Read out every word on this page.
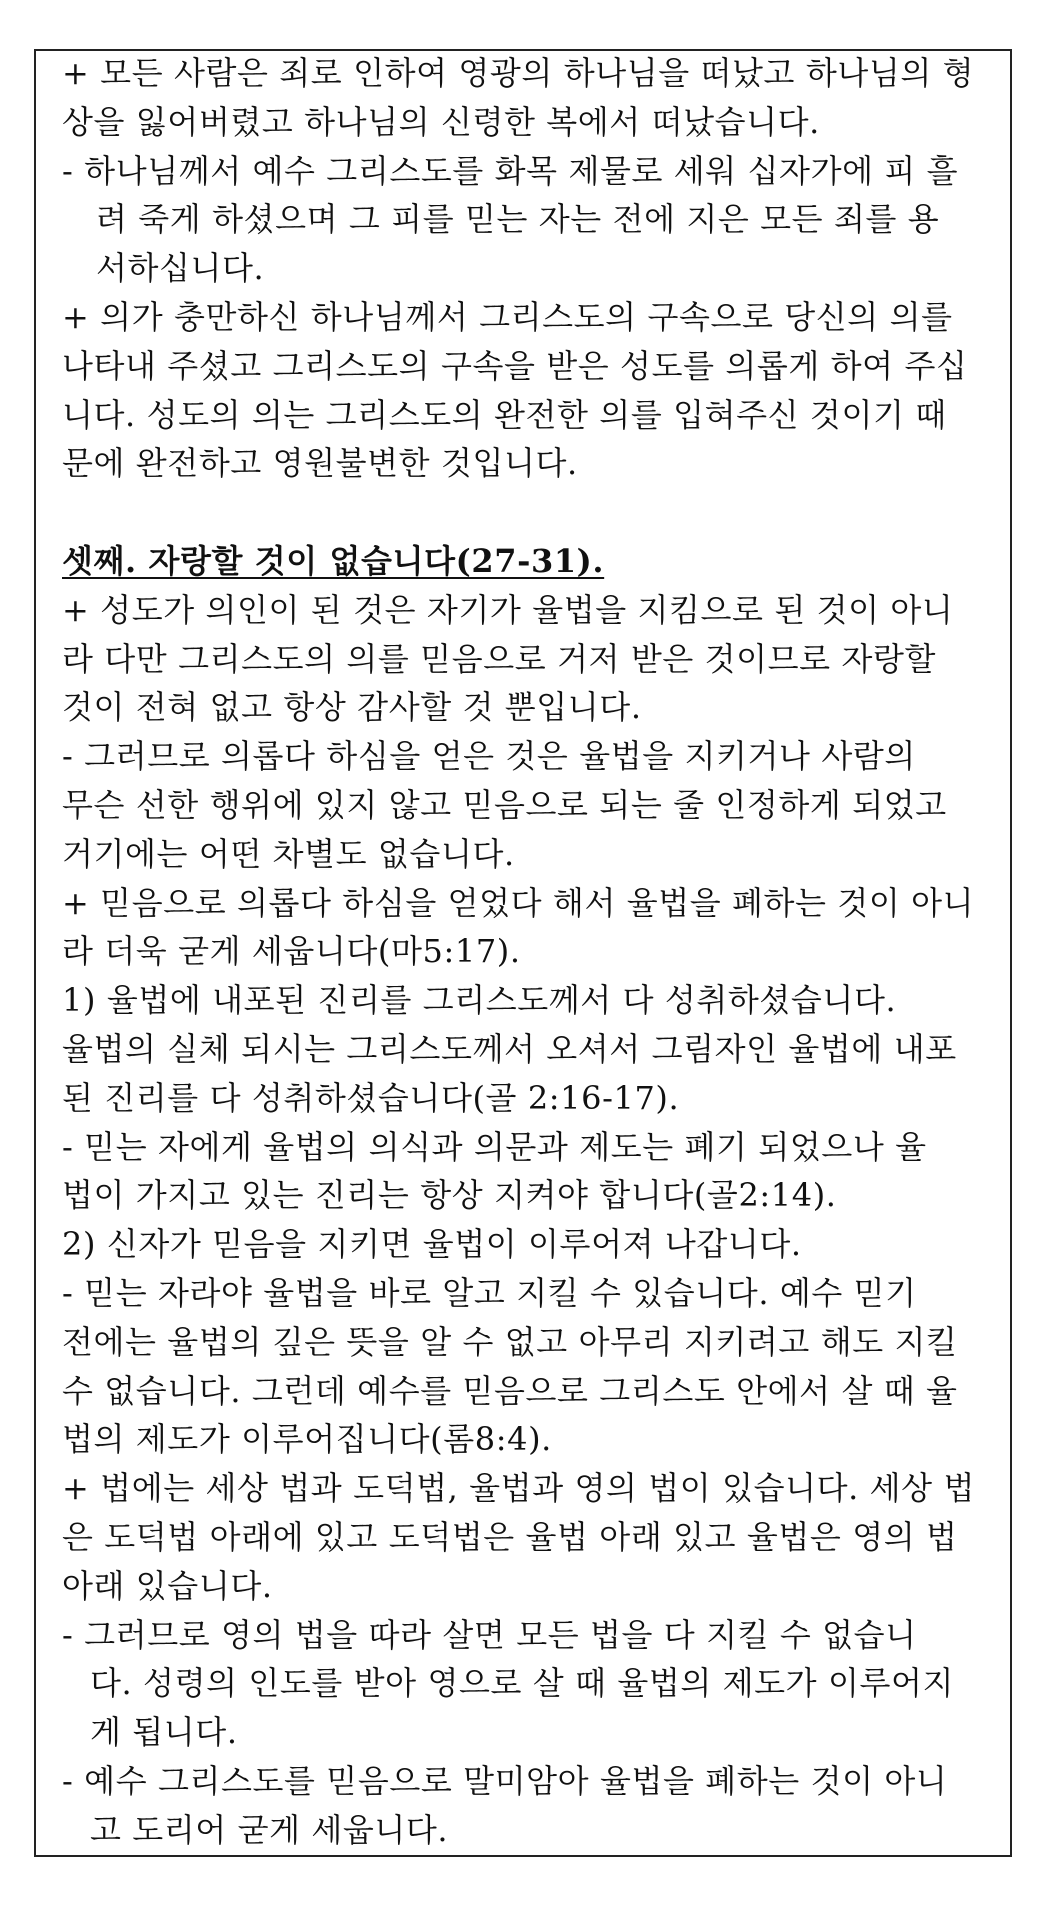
+ 모든 사람은 죄로 인하여 영광의 하나님을 떠났고 하나님의 형
상을 잃어버렸고 하나님의 신령한 복에서 떠났습니다.
- 하나님께서 예수 그리스도를 화목 제물로 세워 십자가에 피 흘
려 죽게 하셨으며 그 피를 믿는 자는 전에 지은 모든 죄를 용
서하십니다.
+ 의가 충만하신 하나님께서 그리스도의 구속으로 당신의 의를
나타내 주셨고 그리스도의 구속을 받은 성도를 의롭게 하여 주십
니다. 성도의 의는 그리스도의 완전한 의를 입혀주신 것이기 때
문에 완전하고 영원불변한 것입니다.
셋째. 자랑할 것이 없습니다(27-31).
+ 성도가 의인이 된 것은 자기가 율법을 지킴으로 된 것이 아니
라 다만 그리스도의 의를 믿음으로 거저 받은 것이므로 자랑할
것이 전혀 없고 항상 감사할 것 뿐입니다.
- 그러므로 의롭다 하심을 얻은 것은 율법을 지키거나 사람의
무슨 선한 행위에 있지 않고 믿음으로 되는 줄 인정하게 되었고
거기에는 어떤 차별도 없습니다.
+ 믿음으로 의롭다 하심을 얻었다 해서 율법을 폐하는 것이 아니
라 더욱 굳게 세웁니다(마5:17).
1) 율법에 내포된 진리를 그리스도께서 다 성취하셨습니다.
율법의 실체 되시는 그리스도께서 오셔서 그림자인 율법에 내포
된 진리를 다 성취하셨습니다(골 2:16-17).
- 믿는 자에게 율법의 의식과 의문과 제도는 폐기 되었으나 율
법이 가지고 있는 진리는 항상 지켜야 합니다(골2:14).
2) 신자가 믿음을 지키면 율법이 이루어져 나갑니다.
- 믿는 자라야 율법을 바로 알고 지킬 수 있습니다. 예수 믿기
전에는 율법의 깊은 뜻을 알 수 없고 아무리 지키려고 해도 지킬
수 없습니다. 그런데 예수를 믿음으로 그리스도 안에서 살 때 율
법의 제도가 이루어집니다(롬8:4).
+ 법에는 세상 법과 도덕법, 율법과 영의 법이 있습니다. 세상 법
은 도덕법 아래에 있고 도덕법은 율법 아래 있고 율법은 영의 법
아래 있습니다.
- 그러므로 영의 법을 따라 살면 모든 법을 다 지킬 수 없습니
다. 성령의 인도를 받아 영으로 살 때 율법의 제도가 이루어지
게 됩니다.
- 예수 그리스도를 믿음으로 말미암아 율법을 폐하는 것이 아니
고 도리어 굳게 세웁니다.
